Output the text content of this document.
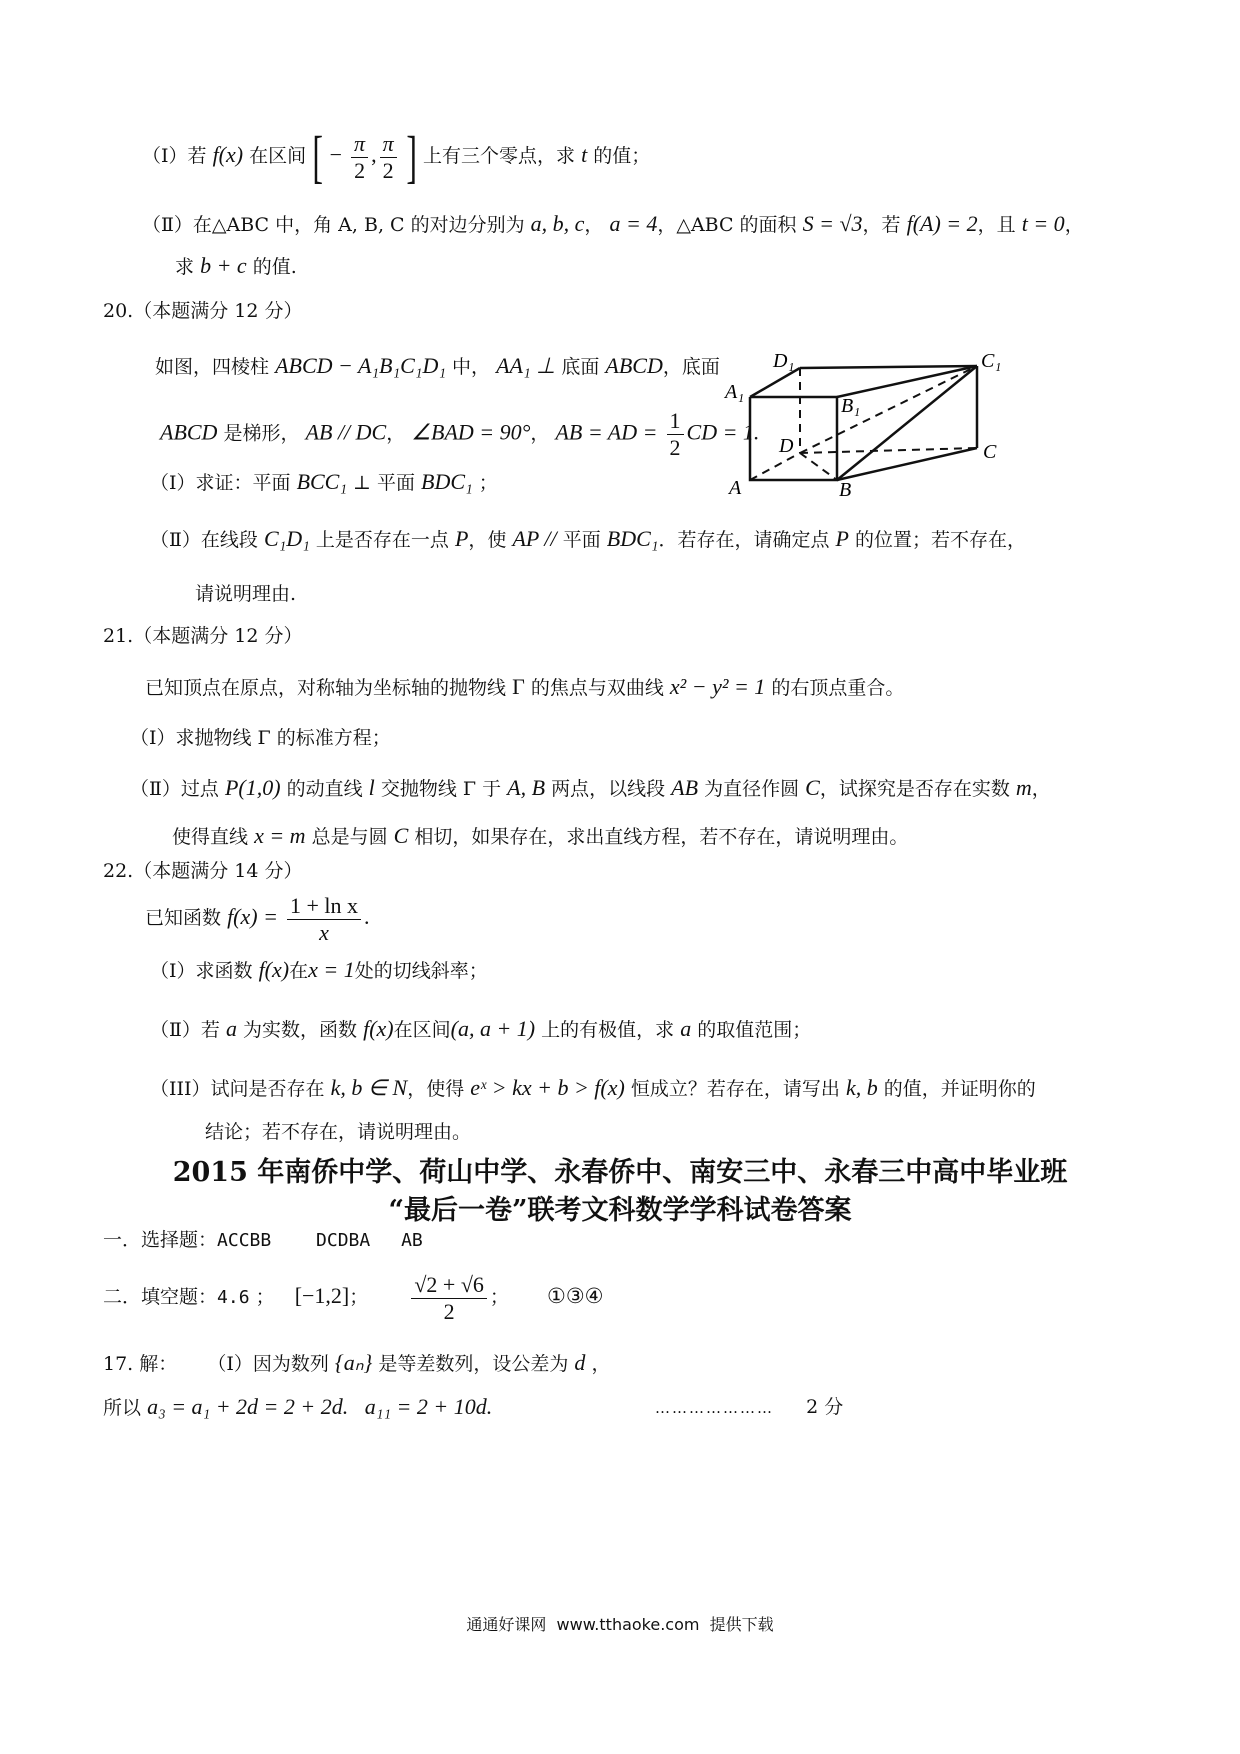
（Ⅰ）若 f(x) 在区间 [ − $\frac{\pi}{2}$ , $\frac{\pi}{2}$ ] 上有三个零点，求 t 的值；
（Ⅱ）在△ABC 中，角 A, B, C 的对边分别为 a, b, c， a = 4，△ABC 的面积 S = √3，若 f(A) = 2，且 t = 0，
求 b + c 的值.
20.（本题满分 12 分）
如图，四棱柱 ABCD − A₁B₁C₁D₁ 中， AA₁ ⊥ 底面 ABCD，底面
ABCD 是梯形， AB // DC， ∠BAD = 90°， AB = AD = $\frac{1}{2}$ CD = 1.
D₁	C₁
A₁
B₁
D	C
A	B
（Ⅰ）求证：平面 BCC₁ ⊥ 平面 BDC₁ ；
（Ⅱ）在线段 C₁D₁ 上是否存在一点 P，使 AP // 平面 BDC₁．若存在，请确定点 P 的位置；若不存在，
请说明理由.
21.（本题满分 12 分）
已知顶点在原点，对称轴为坐标轴的抛物线 Γ 的焦点与双曲线 x² − y² = 1 的右顶点重合。
（Ⅰ）求抛物线 Γ 的标准方程；
（Ⅱ）过点 P(1,0) 的动直线 l 交抛物线 Γ 于 A, B 两点，以线段 AB 为直径作圆 C，试探究是否存在实数 m，
使得直线 x = m 总是与圆 C 相切，如果存在，求出直线方程，若不存在，请说明理由。
22.（本题满分 14 分）
已知函数 $f(x) = \frac{\text{1 + ln x}}{x}$ .
（Ⅰ）求函数 f(x)在x = 1处的切线斜率；
（Ⅱ）若 a 为实数，函数 f(x)在区间(a, a + 1) 上的有极值，求 a 的取值范围；
（III）试问是否存在 k, b ∈ N，使得 eˣ > kx + b > f(x) 恒成立？若存在，请写出 k, b 的值，并证明你的
结论；若不存在，请说明理由。
2015 年南侨中学、荷山中学、永春侨中、南安三中、永春三中高中毕业班
“最后一卷”联考文科数学学科试卷答案
一．选择题：ACCBB DCDBA AB
二．填空题：4.6 ； [−1,2]； $\frac{√2 + √6}{2}$ ； ①③④
17. 解： （Ⅰ）因为数列 {aₙ} 是等差数列，设公差为 d ，
所以 a₃ = a₁ + 2d = 2 + 2d.   a₁₁ = 2 + 10d.	………………… 2 分
通通好课网  www.tthaoke.com  提供下载
